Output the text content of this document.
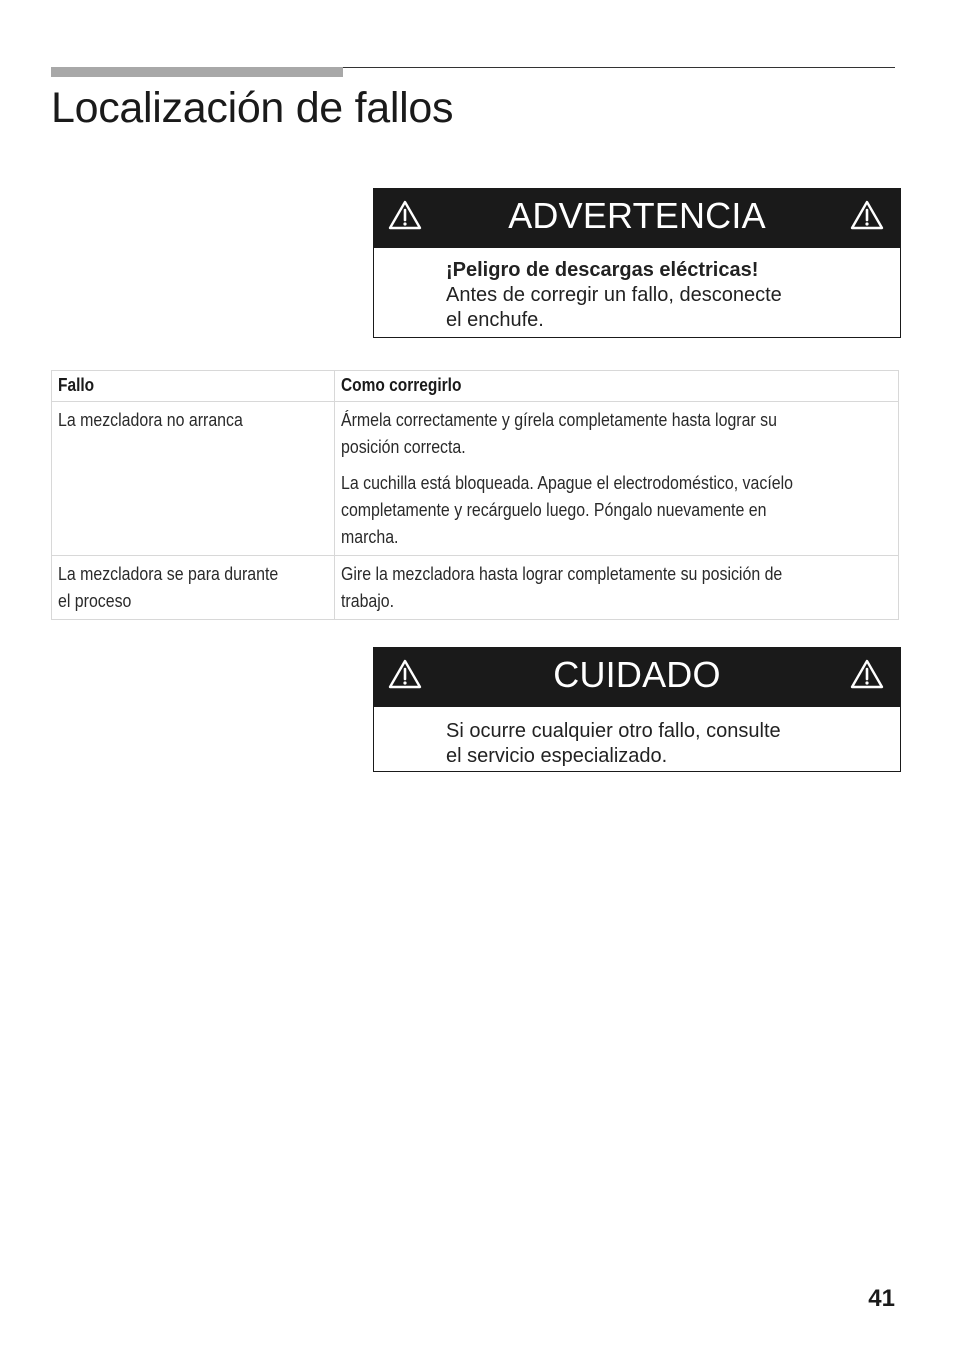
Localización de fallos
ADVERTENCIA

¡Peligro de descargas eléctricas!

Antes de corregir un fallo, desconecte

el enchufe.

Fallo	Como corregirlo
La mezcladora no arranca	Ármela correctamente y gírela completamente hasta lograr su
posición correcta.

La cuchilla está bloqueada. Apague el electrodoméstico, vacíelo
completamente y recárguelo luego. Póngalo nuevamente en
marcha.

La mezcladora se para durante
el proceso	Gire la mezcladora hasta lograr completamente su posición de
trabajo.

CUIDADO

Si ocurre cualquier otro fallo, consulte

el servicio especializado.

41
